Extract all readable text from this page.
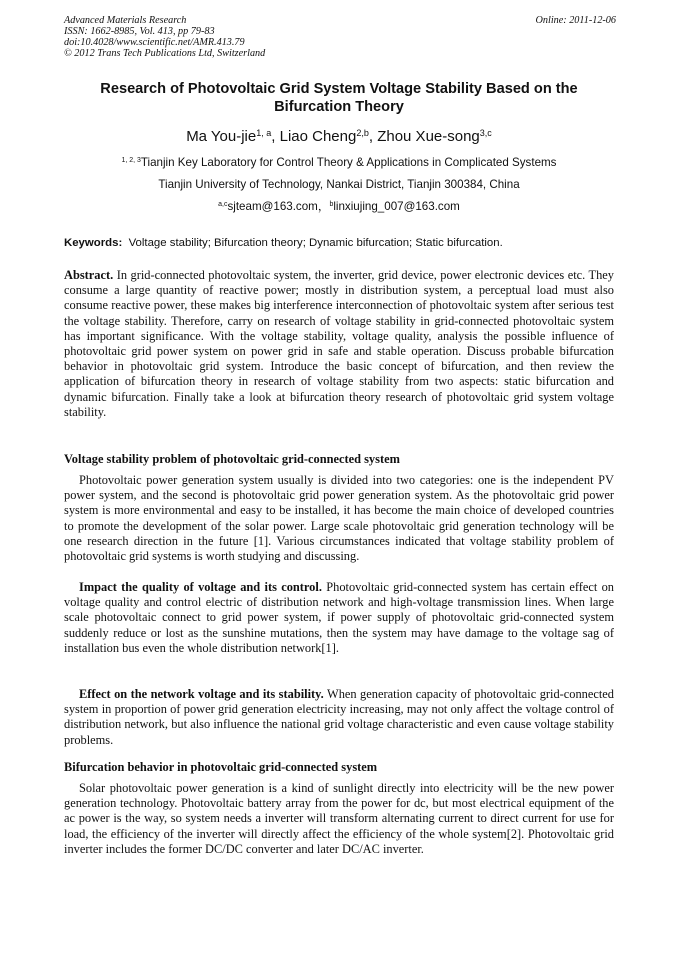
Advanced Materials Research
ISSN: 1662-8985, Vol. 413, pp 79-83
doi:10.4028/www.scientific.net/AMR.413.79
© 2012 Trans Tech Publications Ltd, Switzerland
Online: 2011-12-06
Research of Photovoltaic Grid System Voltage Stability Based on the
Bifurcation Theory
Ma You-jie$^{1, a}$, Liao Cheng$^{2,b}$, Zhou Xue-song$^{3,c}$
$^{1, 2, 3}$Tianjin Key Laboratory for Control Theory & Applications in Complicated Systems
Tianjin University of Technology, Nankai District, Tianjin 300384, China
$^{a,c}$sjteam@163.com，$^b$linxiujing_007@163.com
Keywords: Voltage stability; Bifurcation theory; Dynamic bifurcation; Static bifurcation.
Abstract. In grid-connected photovoltaic system, the inverter, grid device, power electronic devices etc. They consume a large quantity of reactive power; mostly in distribution system, a perceptual load must also consume reactive power, these makes big interference interconnection of photovoltaic system after serious test the voltage stability. Therefore, carry on research of voltage stability in grid-connected photovoltaic system has important significance. With the voltage stability, voltage quality, analysis the possible influence of photovoltaic grid power system on power grid in safe and stable operation. Discuss probable bifurcation behavior in photovoltaic grid system. Introduce the basic concept of bifurcation, and then review the application of bifurcation theory in research of voltage stability from two aspects: static bifurcation and dynamic bifurcation. Finally take a look at bifurcation theory research of photovoltaic grid system voltage stability.
Voltage stability problem of photovoltaic grid-connected system
Photovoltaic power generation system usually is divided into two categories: one is the independent PV power system, and the second is photovoltaic grid power generation system. As the photovoltaic grid power system is more environmental and easy to be installed, it has become the main choice of developed countries to promote the development of the solar power. Large scale photovoltaic grid generation technology will be one research direction in the future [1]. Various circumstances indicated that voltage stability problem of photovoltaic grid systems is worth studying and discussing.
Impact the quality of voltage and its control. Photovoltaic grid-connected system has certain effect on voltage quality and control electric of distribution network and high-voltage transmission lines. When large scale photovoltaic connect to grid power system, if power supply of photovoltaic grid-connected system suddenly reduce or lost as the sunshine mutations, then the system may have damage to the voltage sag of installation bus even the whole distribution network[1].
Effect on the network voltage and its stability. When generation capacity of photovoltaic grid-connected system in proportion of power grid generation electricity increasing, may not only affect the voltage control of distribution network, but also influence the national grid voltage characteristic and even cause voltage stability problems.
Bifurcation behavior in photovoltaic grid-connected system
Solar photovoltaic power generation is a kind of sunlight directly into electricity will be the new power generation technology. Photovoltaic battery array from the power for dc, but most electrical equipment of the ac power is the way, so system needs a inverter will transform alternating current to direct current for use for load, the efficiency of the inverter will directly affect the efficiency of the whole system[2]. Photovoltaic grid inverter includes the former DC/DC converter and later DC/AC inverter.
